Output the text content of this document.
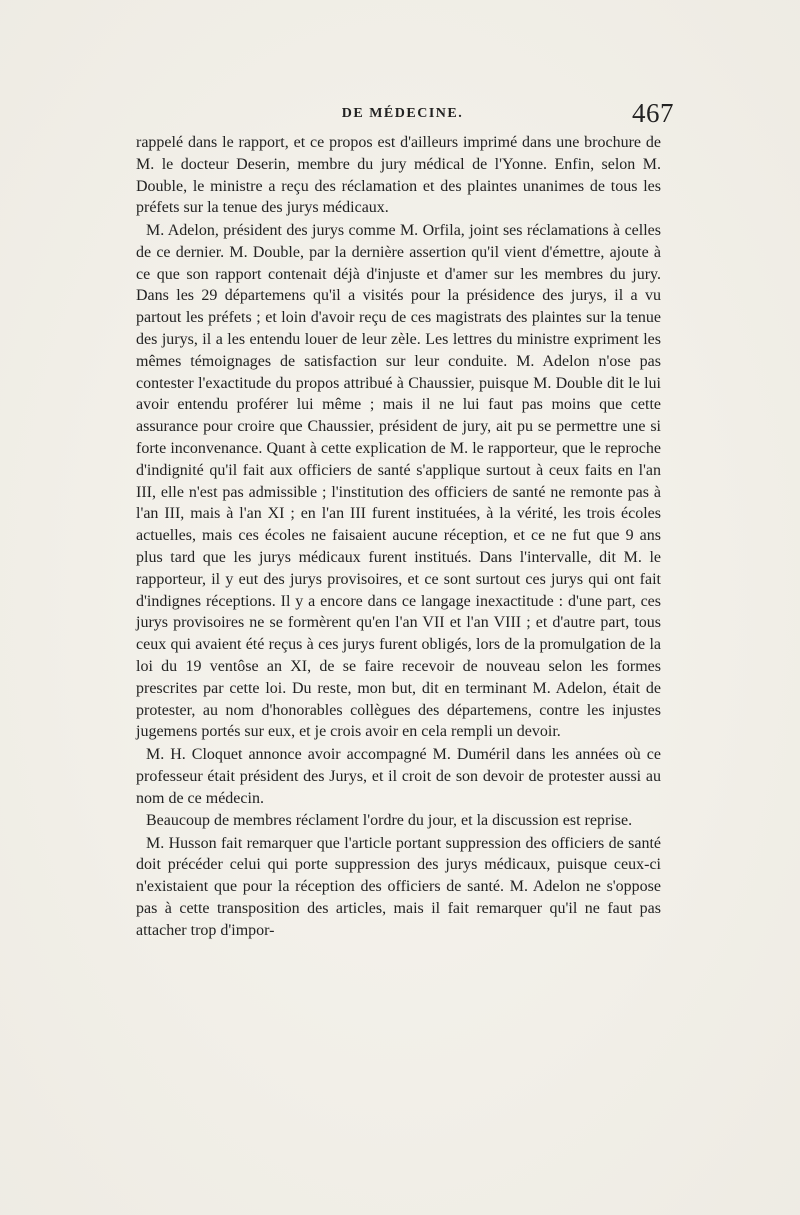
DE MÉDECINE.	467

rappelé dans le rapport, et ce propos est d'ailleurs imprimé dans une brochure de M. le docteur Deserin, membre du jury médical de l'Yonne. Enfin, selon M. Double, le ministre a reçu des réclamation et des plaintes unanimes de tous les préfets sur la tenue des jurys médicaux.

M. Adelon, président des jurys comme M. Orfila, joint ses réclamations à celles de ce dernier. M. Double, par la dernière assertion qu'il vient d'émettre, ajoute à ce que son rapport contenait déjà d'injuste et d'amer sur les membres du jury. Dans les 29 départemens qu'il a visités pour la présidence des jurys, il a vu partout les préfets ; et loin d'avoir reçu de ces magistrats des plaintes sur la tenue des jurys, il a les entendu louer de leur zèle. Les lettres du ministre expriment les mêmes témoignages de satisfaction sur leur conduite. M. Adelon n'ose pas contester l'exactitude du propos attribué à Chaussier, puisque M. Double dit le lui avoir entendu proférer lui même ; mais il ne lui faut pas moins que cette assurance pour croire que Chaussier, président de jury, ait pu se permettre une si forte inconvenance. Quant à cette explication de M. le rapporteur, que le reproche d'indignité qu'il fait aux officiers de santé s'applique surtout à ceux faits en l'an III, elle n'est pas admissible ; l'institution des officiers de santé ne remonte pas à l'an III, mais à l'an XI ; en l'an III furent instituées, à la vérité, les trois écoles actuelles, mais ces écoles ne faisaient aucune réception, et ce ne fut que 9 ans plus tard que les jurys médicaux furent institués. Dans l'intervalle, dit M. le rapporteur, il y eut des jurys provisoires, et ce sont surtout ces jurys qui ont fait d'indignes réceptions. Il y a encore dans ce langage inexactitude : d'une part, ces jurys provisoires ne se formèrent qu'en l'an VII et l'an VIII ; et d'autre part, tous ceux qui avaient été reçus à ces jurys furent obligés, lors de la promulgation de la loi du 19 ventôse an XI, de se faire recevoir de nouveau selon les formes prescrites par cette loi. Du reste, mon but, dit en terminant M. Adelon, était de protester, au nom d'honorables collègues des départemens, contre les injustes jugemens portés sur eux, et je crois avoir en cela rempli un devoir.

M. H. Cloquet annonce avoir accompagné M. Duméril dans les années où ce professeur était président des Jurys, et il croit de son devoir de protester aussi au nom de ce médecin.

Beaucoup de membres réclament l'ordre du jour, et la discussion est reprise.

M. Husson fait remarquer que l'article portant suppression des officiers de santé doit précéder celui qui porte suppression des jurys médicaux, puisque ceux-ci n'existaient que pour la réception des officiers de santé. M. Adelon ne s'oppose pas à cette transposition des articles, mais il fait remarquer qu'il ne faut pas attacher trop d'impor-
